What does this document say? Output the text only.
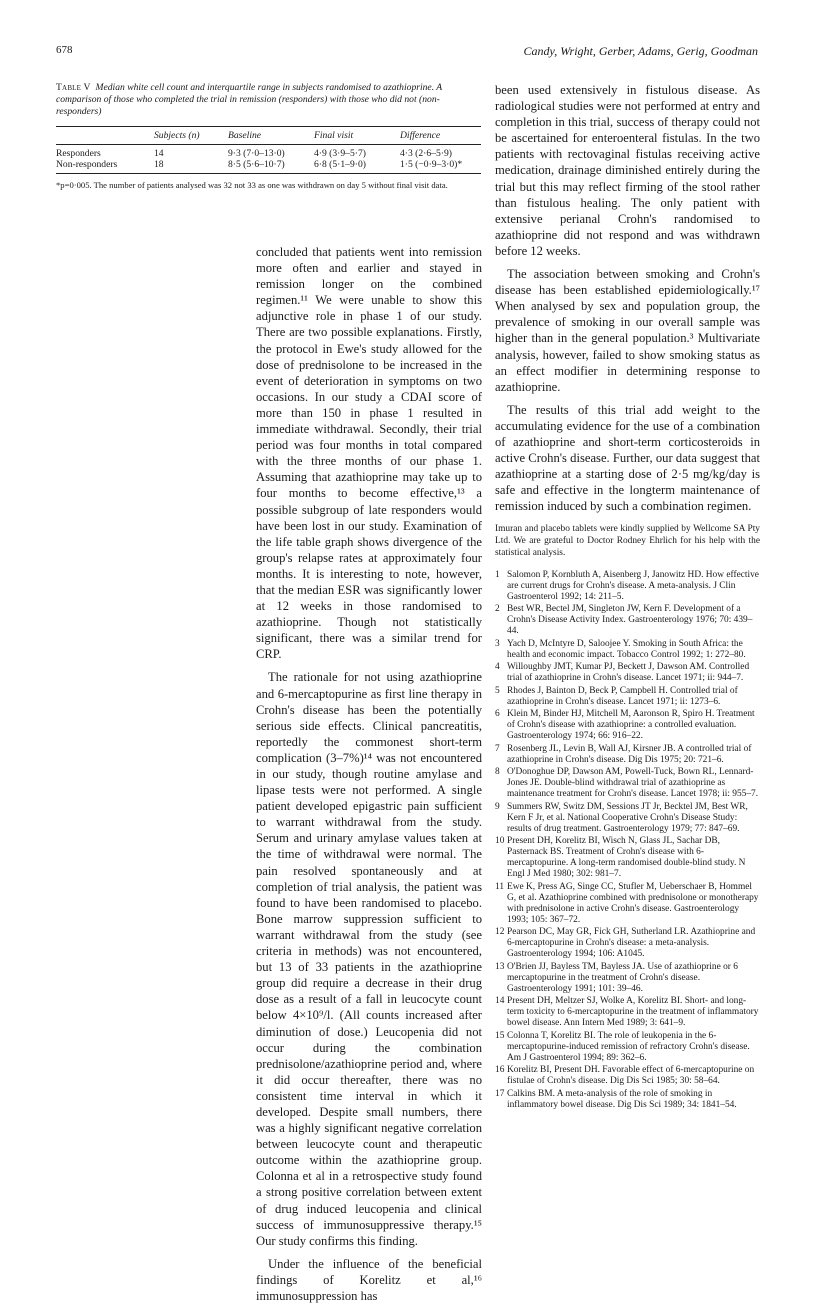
678	Candy, Wright, Gerber, Adams, Gerig, Goodman

Table V Median white cell count and interquartile range in subjects randomised to azathioprine. A comparison of those who completed the trial in remission (responders) with those who did not (non-responders)

	Subjects (n)	Baseline	Final visit	Difference
Responders	14	9·3 (7·0–13·0)	4·9 (3·9–5·7)	4·3 (2·6–5·9)
Non-responders	18	8·5 (5·6–10·7)	6·8 (5·1–9·0)	1·5 (−0·9–3·0)*

*p=0·005. The number of patients analysed was 32 not 33 as one was withdrawn on day 5 without final visit data.

concluded that patients went into remission more often and earlier and stayed in remission longer on the combined regimen.¹¹ We were unable to show this adjunctive role in phase 1 of our study. There are two possible explanations. Firstly, the protocol in Ewe's study allowed for the dose of prednisolone to be increased in the event of deterioration in symptoms on two occasions. In our study a CDAI score of more than 150 in phase 1 resulted in immediate withdrawal. Secondly, their trial period was four months in total compared with the three months of our phase 1. Assuming that azathioprine may take up to four months to become effective,¹³ a possible subgroup of late responders would have been lost in our study. Examination of the life table graph shows divergence of the group's relapse rates at approximately four months. It is interesting to note, however, that the median ESR was significantly lower at 12 weeks in those randomised to azathioprine. Though not statistically significant, there was a similar trend for CRP.

The rationale for not using azathioprine and 6-mercaptopurine as first line therapy in Crohn's disease has been the potentially serious side effects. Clinical pancreatitis, reportedly the commonest short-term complication (3–7%)¹⁴ was not encountered in our study, though routine amylase and lipase tests were not performed. A single patient developed epigastric pain sufficient to warrant withdrawal from the study. Serum and urinary amylase values taken at the time of withdrawal were normal. The pain resolved spontaneously and at completion of trial analysis, the patient was found to have been randomised to placebo. Bone marrow suppression sufficient to warrant withdrawal from the study (see criteria in methods) was not encountered, but 13 of 33 patients in the azathioprine group did require a decrease in their drug dose as a result of a fall in leucocyte count below 4×10⁹/l. (All counts increased after diminution of dose.) Leucopenia did not occur during the combination prednisolone/azathioprine period and, where it did occur thereafter, there was no consistent time interval in which it developed. Despite small numbers, there was a highly significant negative correlation between leucocyte count and therapeutic outcome within the azathioprine group. Colonna et al in a retrospective study found a strong positive correlation between extent of drug induced leucopenia and clinical success of immunosuppressive therapy.¹⁵ Our study confirms this finding.

Under the influence of the beneficial findings of Korelitz et al,¹⁶ immunosuppression has

been used extensively in fistulous disease. As radiological studies were not performed at entry and completion in this trial, success of therapy could not be ascertained for enteroenteral fistulas. In the two patients with rectovaginal fistulas receiving active medication, drainage diminished entirely during the trial but this may reflect firming of the stool rather than fistulous healing. The only patient with extensive perianal Crohn's randomised to azathioprine did not respond and was withdrawn before 12 weeks.

The association between smoking and Crohn's disease has been established epidemiologically.¹⁷ When analysed by sex and population group, the prevalence of smoking in our overall sample was higher than in the general population.³ Multivariate analysis, however, failed to show smoking status as an effect modifier in determining response to azathioprine.

The results of this trial add weight to the accumulating evidence for the use of a combination of azathioprine and short-term corticosteroids in active Crohn's disease. Further, our data suggest that azathioprine at a starting dose of 2·5 mg/kg/day is safe and effective in the longterm maintenance of remission induced by such a combination regimen.

Imuran and placebo tablets were kindly supplied by Wellcome SA Pty Ltd. We are grateful to Doctor Rodney Ehrlich for his help with the statistical analysis.

1 Salomon P, Kornbluth A, Aisenberg J, Janowitz HD. How effective are current drugs for Crohn's disease. A meta-analysis. J Clin Gastroenterol 1992; 14: 211–5.
2 Best WR, Bectel JM, Singleton JW, Kern F. Development of a Crohn's Disease Activity Index. Gastroenterology 1976; 70: 439–44.
3 Yach D, McIntyre D, Saloojee Y. Smoking in South Africa: the health and economic impact. Tobacco Control 1992; 1: 272–80.
4 Willoughby JMT, Kumar PJ, Beckett J, Dawson AM. Controlled trial of azathioprine in Crohn's disease. Lancet 1971; ii: 944–7.
5 Rhodes J, Bainton D, Beck P, Campbell H. Controlled trial of azathioprine in Crohn's disease. Lancet 1971; ii: 1273–6.
6 Klein M, Binder HJ, Mitchell M, Aaronson R, Spiro H. Treatment of Crohn's disease with azathioprine: a controlled evaluation. Gastroenterology 1974; 66: 916–22.
7 Rosenberg JL, Levin B, Wall AJ, Kirsner JB. A controlled trial of azathioprine in Crohn's disease. Dig Dis 1975; 20: 721–6.
8 O'Donoghue DP, Dawson AM, Powell-Tuck, Bown RL, Lennard-Jones JE. Double-blind withdrawal trial of azathioprine as maintenance treatment for Crohn's disease. Lancet 1978; ii: 955–7.
9 Summers RW, Switz DM, Sessions JT Jr, Becktel JM, Best WR, Kern F Jr, et al. National Cooperative Crohn's Disease Study: results of drug treatment. Gastroenterology 1979; 77: 847–69.
10 Present DH, Korelitz BI, Wisch N, Glass JL, Sachar DB, Pasternack BS. Treatment of Crohn's disease with 6-mercaptopurine. A long-term randomised double-blind study. N Engl J Med 1980; 302: 981–7.
11 Ewe K, Press AG, Singe CC, Stufler M, Ueberschaer B, Hommel G, et al. Azathioprine combined with prednisolone or monotherapy with prednisolone in active Crohn's disease. Gastroenterology 1993; 105: 367–72.
12 Pearson DC, May GR, Fick GH, Sutherland LR. Azathioprine and 6-mercaptopurine in Crohn's disease: a meta-analysis. Gastroenterology 1994; 106: A1045.
13 O'Brien JJ, Bayless TM, Bayless JA. Use of azathioprine or 6 mercaptopurine in the treatment of Crohn's disease. Gastroenterology 1991; 101: 39–46.
14 Present DH, Meltzer SJ, Wolke A, Korelitz BI. Short- and long-term toxicity to 6-mercaptopurine in the treatment of inflammatory bowel disease. Ann Intern Med 1989; 3: 641–9.
15 Colonna T, Korelitz BI. The role of leukopenia in the 6-mercaptopurine-induced remission of refractory Crohn's disease. Am J Gastroenterol 1994; 89: 362–6.
16 Korelitz BI, Present DH. Favorable effect of 6-mercaptopurine on fistulae of Crohn's disease. Dig Dis Sci 1985; 30: 58–64.
17 Calkins BM. A meta-analysis of the role of smoking in inflammatory bowel disease. Dig Dis Sci 1989; 34: 1841–54.
